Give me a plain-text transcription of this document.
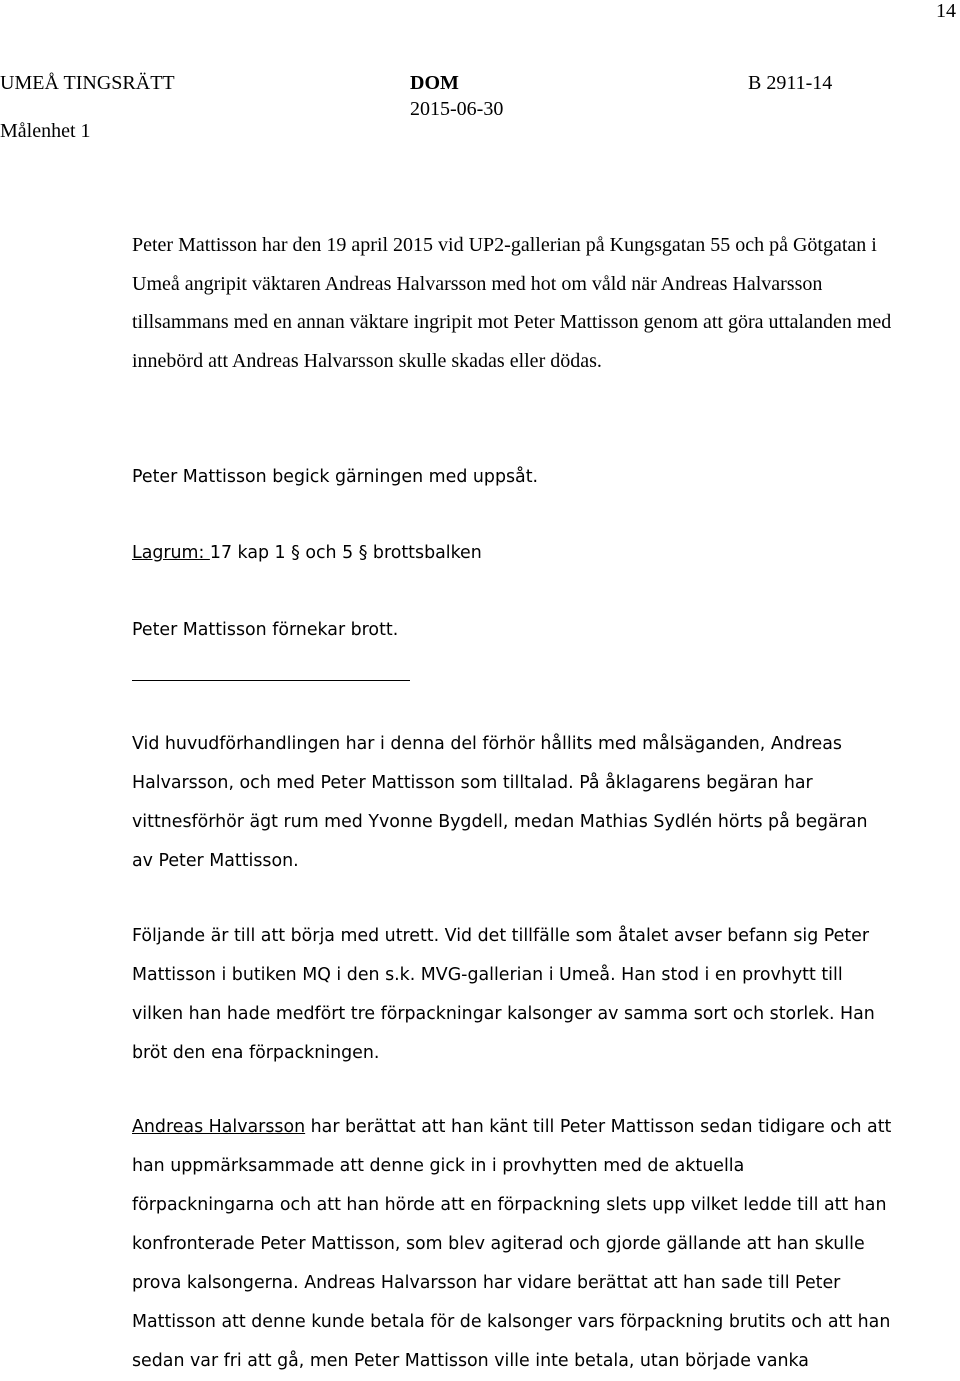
14
UMEÅ TINGSRÄTT
Målenhet 1
DOM
2015-06-30
B 2911-14

Peter Mattisson har den 19 april 2015 vid UP2-gallerian på Kungsgatan 55 och på Götgatan i Umeå angripit väktaren Andreas Halvarsson med hot om våld när Andreas Halvarsson tillsammans med en annan väktare ingripit mot Peter Mattisson genom att göra uttalanden med innebörd att Andreas Halvarsson skulle skadas eller dödas.

Peter Mattisson begick gärningen med uppsåt.

Lagrum: 17 kap 1 § och 5 § brottsbalken

Peter Mattisson förnekar brott.

Vid huvudförhandlingen har i denna del förhör hållits med målsäganden, Andreas Halvarsson, och med Peter Mattisson som tilltalad. På åklagarens begäran har vittnesförhör ägt rum med Yvonne Bygdell, medan Mathias Sydlén hörts på begäran av Peter Mattisson.

Följande är till att börja med utrett. Vid det tillfälle som åtalet avser befann sig Peter Mattisson i butiken MQ i den s.k. MVG-gallerian i Umeå. Han stod i en provhytt till vilken han hade medfört tre förpackningar kalsonger av samma sort och storlek. Han bröt den ena förpackningen.

Andreas Halvarsson har berättat att han känt till Peter Mattisson sedan tidigare och att han uppmärksammade att denne gick in i provhytten med de aktuella förpackningarna och att han hörde att en förpackning slets upp vilket ledde till att han konfronterade Peter Mattisson, som blev agiterad och gjorde gällande att han skulle prova kalsongerna. Andreas Halvarsson har vidare berättat att han sade till Peter Mattisson att denne kunde betala för de kalsonger vars förpackning brutits och att han sedan var fri att gå, men Peter Mattisson ville inte betala, utan började vanka
